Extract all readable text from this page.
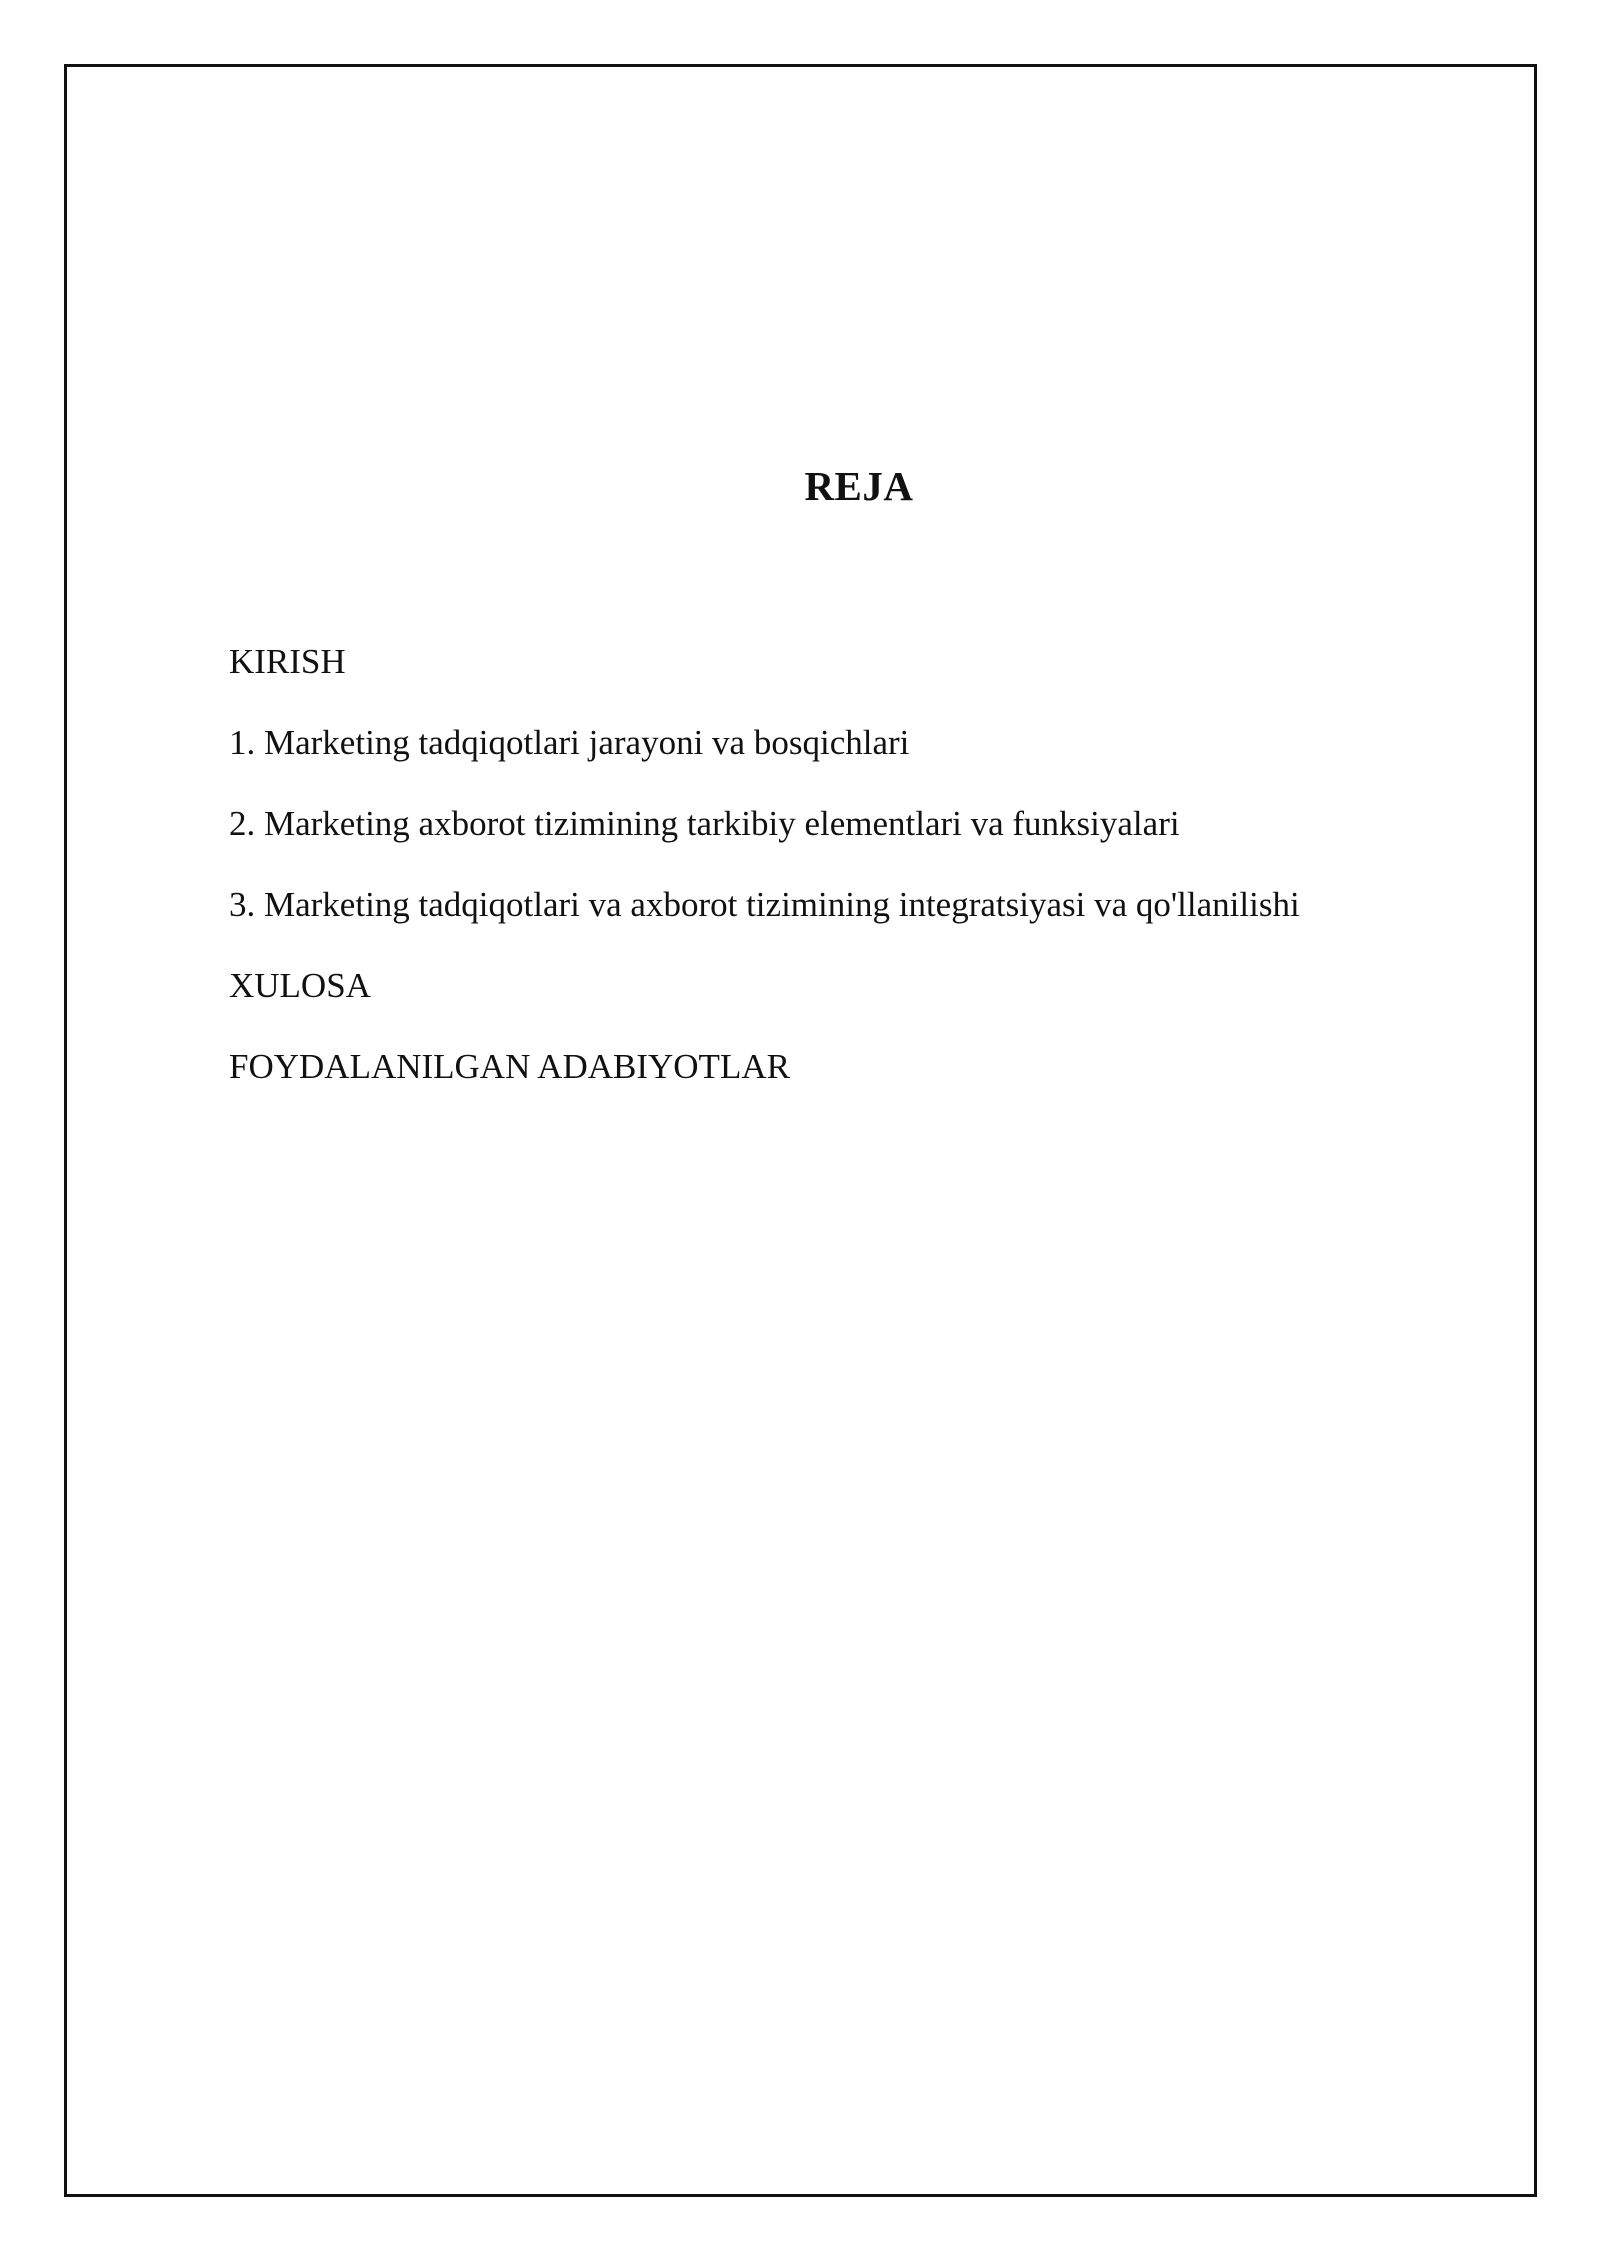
REJA
KIRISH
1. Marketing tadqiqotlari jarayoni va bosqichlari
2. Marketing axborot tizimining tarkibiy elementlari va funksiyalari
3. Marketing tadqiqotlari va axborot tizimining integratsiyasi va qo'llanilishi
XULOSA
FOYDALANILGAN ADABIYOTLAR
